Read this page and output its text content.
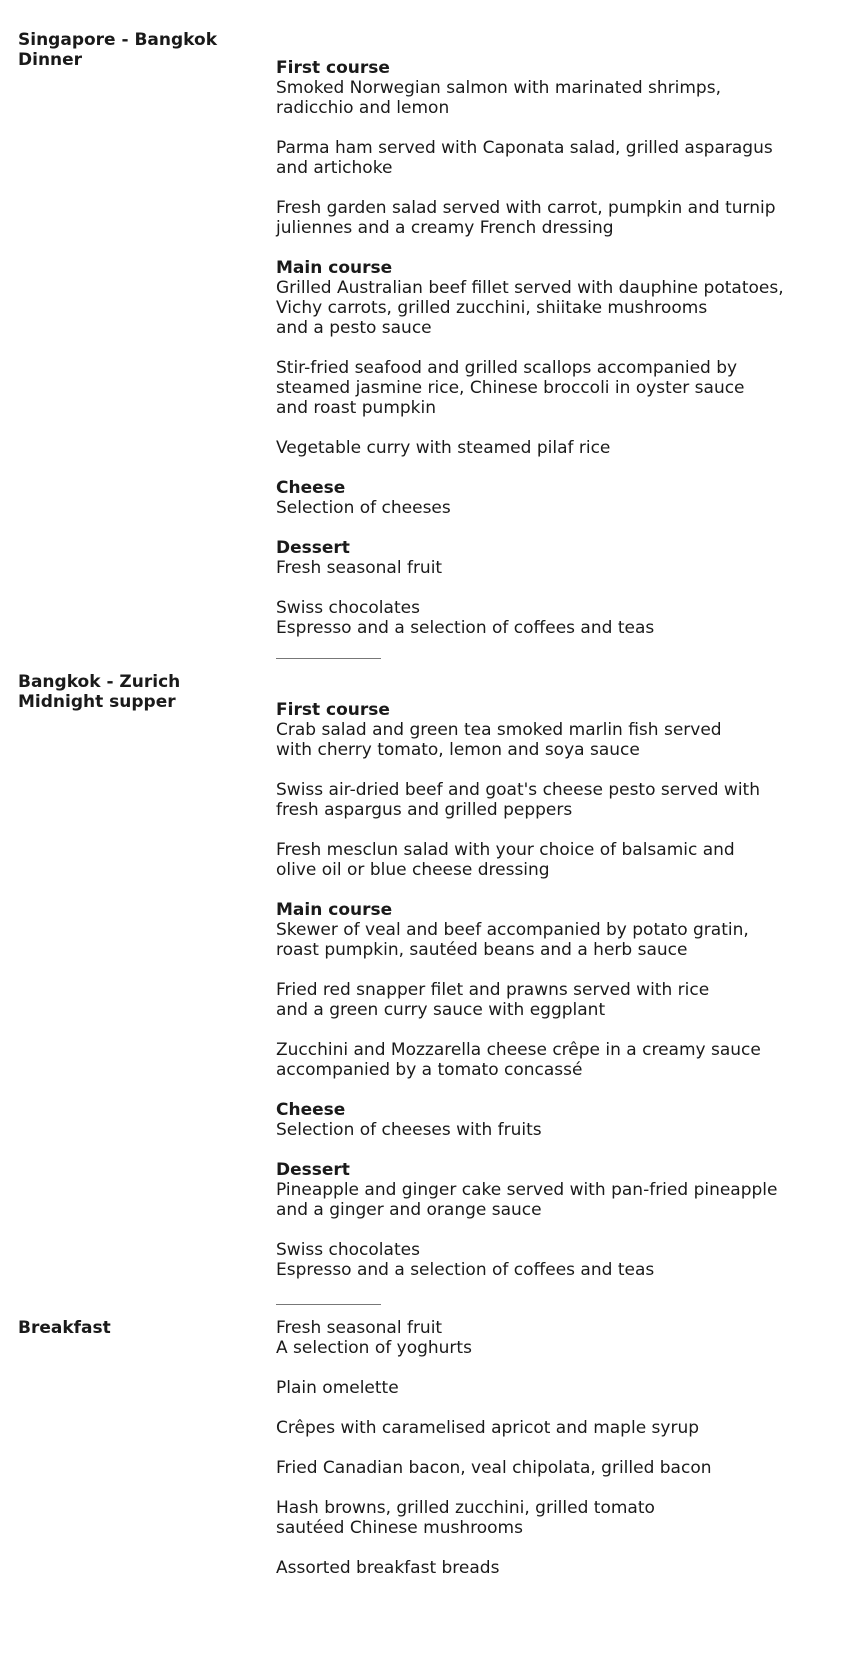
Singapore - Bangkok
Dinner	First course
Smoked Norwegian salmon with marinated shrimps,
radicchio and lemon
Parma ham served with Caponata salad, grilled asparagus
and artichoke
Fresh garden salad served with carrot, pumpkin and turnip
juliennes and a creamy French dressing
Main course
Grilled Australian beef fillet served with dauphine potatoes,
Vichy carrots, grilled zucchini, shiitake mushrooms
and a pesto sauce
Stir-fried seafood and grilled scallops accompanied by
steamed jasmine rice, Chinese broccoli in oyster sauce
and roast pumpkin
Vegetable curry with steamed pilaf rice
Cheese
Selection of cheeses
Dessert
Fresh seasonal fruit
Swiss chocolates
Espresso and a selection of coffees and teas
Bangkok - Zurich
Midnight supper	First course
Crab salad and green tea smoked marlin fish served
with cherry tomato, lemon and soya sauce
Swiss air-dried beef and goat's cheese pesto served with
fresh aspargus and grilled peppers
Fresh mesclun salad with your choice of balsamic and
olive oil or blue cheese dressing
Main course
Skewer of veal and beef accompanied by potato gratin,
roast pumpkin, sautéed beans and a herb sauce
Fried red snapper filet and prawns served with rice
and a green curry sauce with eggplant
Zucchini and Mozzarella cheese crêpe in a creamy sauce
accompanied by a tomato concassé
Cheese
Selection of cheeses with fruits
Dessert
Pineapple and ginger cake served with pan-fried pineapple
and a ginger and orange sauce
Swiss chocolates
Espresso and a selection of coffees and teas
Breakfast	Fresh seasonal fruit
A selection of yoghurts
Plain omelette
Crêpes with caramelised apricot and maple syrup
Fried Canadian bacon, veal chipolata, grilled bacon
Hash browns, grilled zucchini, grilled tomato
sautéed Chinese mushrooms
Assorted breakfast breads
